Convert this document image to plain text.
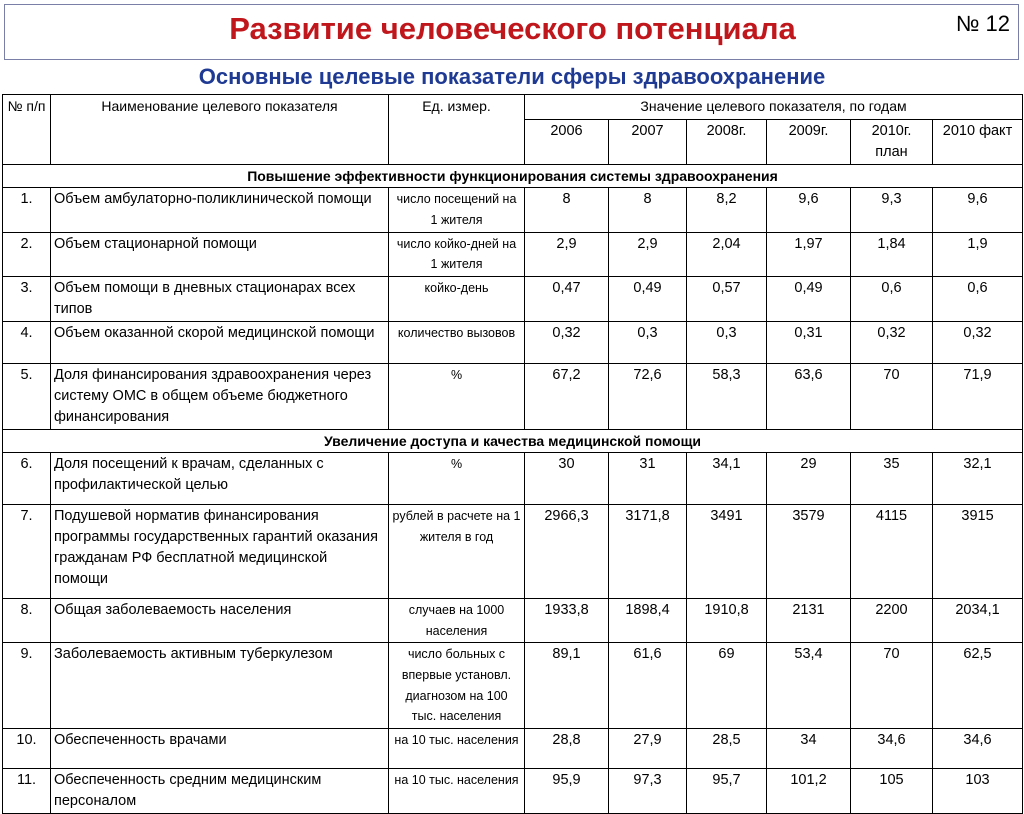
Развитие человеческого потенциала	№ 12
Основные целевые показатели сферы здравоохранение
№ п/п	Наименование целевого показателя	Ед. измер.	Значение целевого показателя, по годам					
			2006	2007	2008г.	2009г.	2010г. план	2010 факт
Повышение эффективности функционирования системы здравоохранения								
1.	Объем амбулаторно-поликлинической помощи	число посещений на 1 жителя	8	8	8,2	9,6	9,3	9,6
2.	Объем стационарной помощи	число койко-дней на 1 жителя	2,9	2,9	2,04	1,97	1,84	1,9
3.	Объем помощи в дневных стационарах всех типов	койко-день	0,47	0,49	0,57	0,49	0,6	0,6
4.	Объем оказанной скорой медицинской помощи	количество вызовов	0,32	0,3	0,3	0,31	0,32	0,32
5.	Доля финансирования здравоохранения через систему ОМС в общем объеме бюджетного финансирования	%	67,2	72,6	58,3	63,6	70	71,9
Увеличение доступа и качества медицинской помощи								
6.	Доля посещений к врачам, сделанных с профилактической целью	%	30	31	34,1	29	35	32,1
7.	Подушевой норматив финансирования программы государственных гарантий оказания гражданам РФ бесплатной медицинской помощи	рублей в расчете на 1 жителя в год	2966,3	3171,8	3491	3579	4115	3915
8.	Общая заболеваемость населения	случаев на 1000 населения	1933,8	1898,4	1910,8	2131	2200	2034,1
9.	Заболеваемость активным туберкулезом	число больных с впервые установл. диагнозом на 100 тыс. населения	89,1	61,6	69	53,4	70	62,5
10.	Обеспеченность врачами	на 10 тыс. населения	28,8	27,9	28,5	34	34,6	34,6
11.	Обеспеченность средним медицинским персоналом	на 10 тыс. населения	95,9	97,3	95,7	101,2	105	103
